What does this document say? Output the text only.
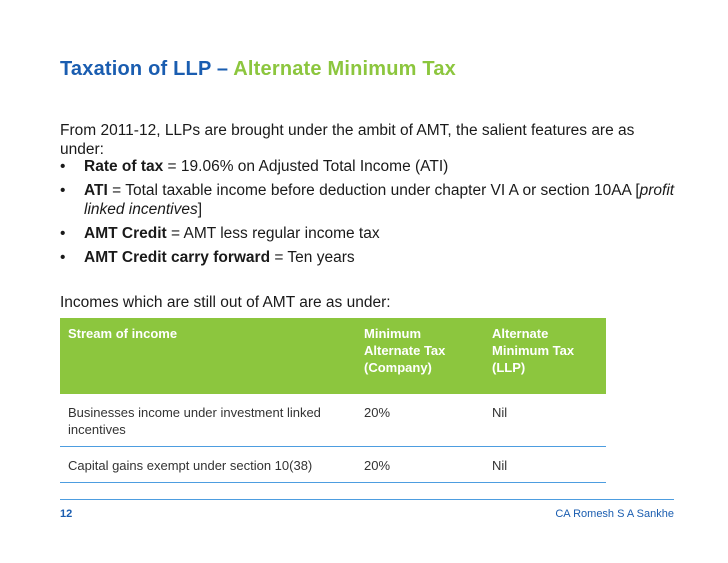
Taxation of LLP – Alternate Minimum Tax
From 2011-12, LLPs are brought under the ambit of AMT, the salient features are as under:
• Rate of tax = 19.06% on Adjusted Total Income (ATI)
• ATI = Total taxable income before deduction under chapter VI A or section 10AA [profit linked incentives]
• AMT Credit = AMT less regular income tax
• AMT Credit carry forward = Ten years
Incomes which are still out of AMT are as under:
Stream of income	Minimum Alternate Tax (Company)	Alternate Minimum Tax (LLP)
Businesses income under investment linked incentives	20%	Nil
Capital gains exempt under section 10(38)	20%	Nil
12	CA Romesh S A Sankhe
